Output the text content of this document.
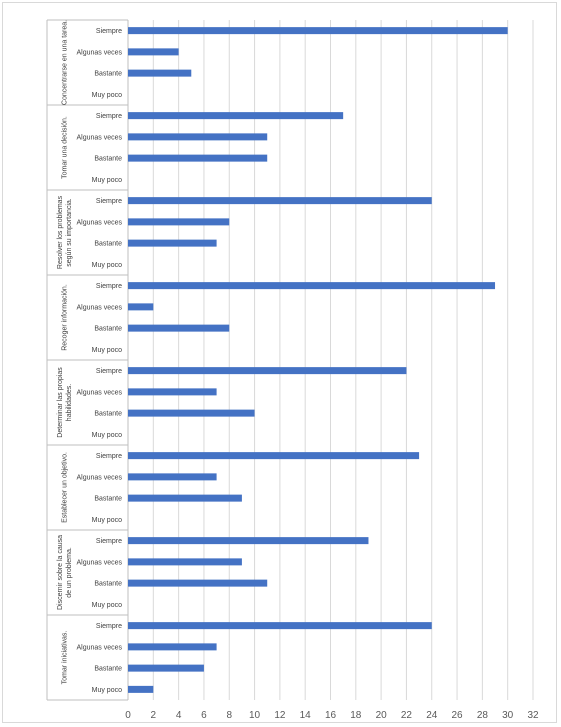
0 2 4 6 8 10 12 14 16 18 20 22 24 26 28 30 32
Siempre
Algunas veces
Bastante
Muy poco
Concentrarse en una tarea.
Siempre
Algunas veces
Bastante
Muy poco
Tomar una decisión.
Siempre
Algunas veces
Bastante
Muy poco
Resolver los problemas según su importancia.
Siempre
Algunas veces
Bastante
Muy poco
Recoger información.
Siempre
Algunas veces
Bastante
Muy poco
Determinar las propias habilidades.
Siempre
Algunas veces
Bastante
Muy poco
Establecer un objetivo.
Siempre
Algunas veces
Bastante
Muy poco
Discernir sobre la causa de un problema.
Siempre
Algunas veces
Bastante
Muy poco
Tomar iniciativas.
